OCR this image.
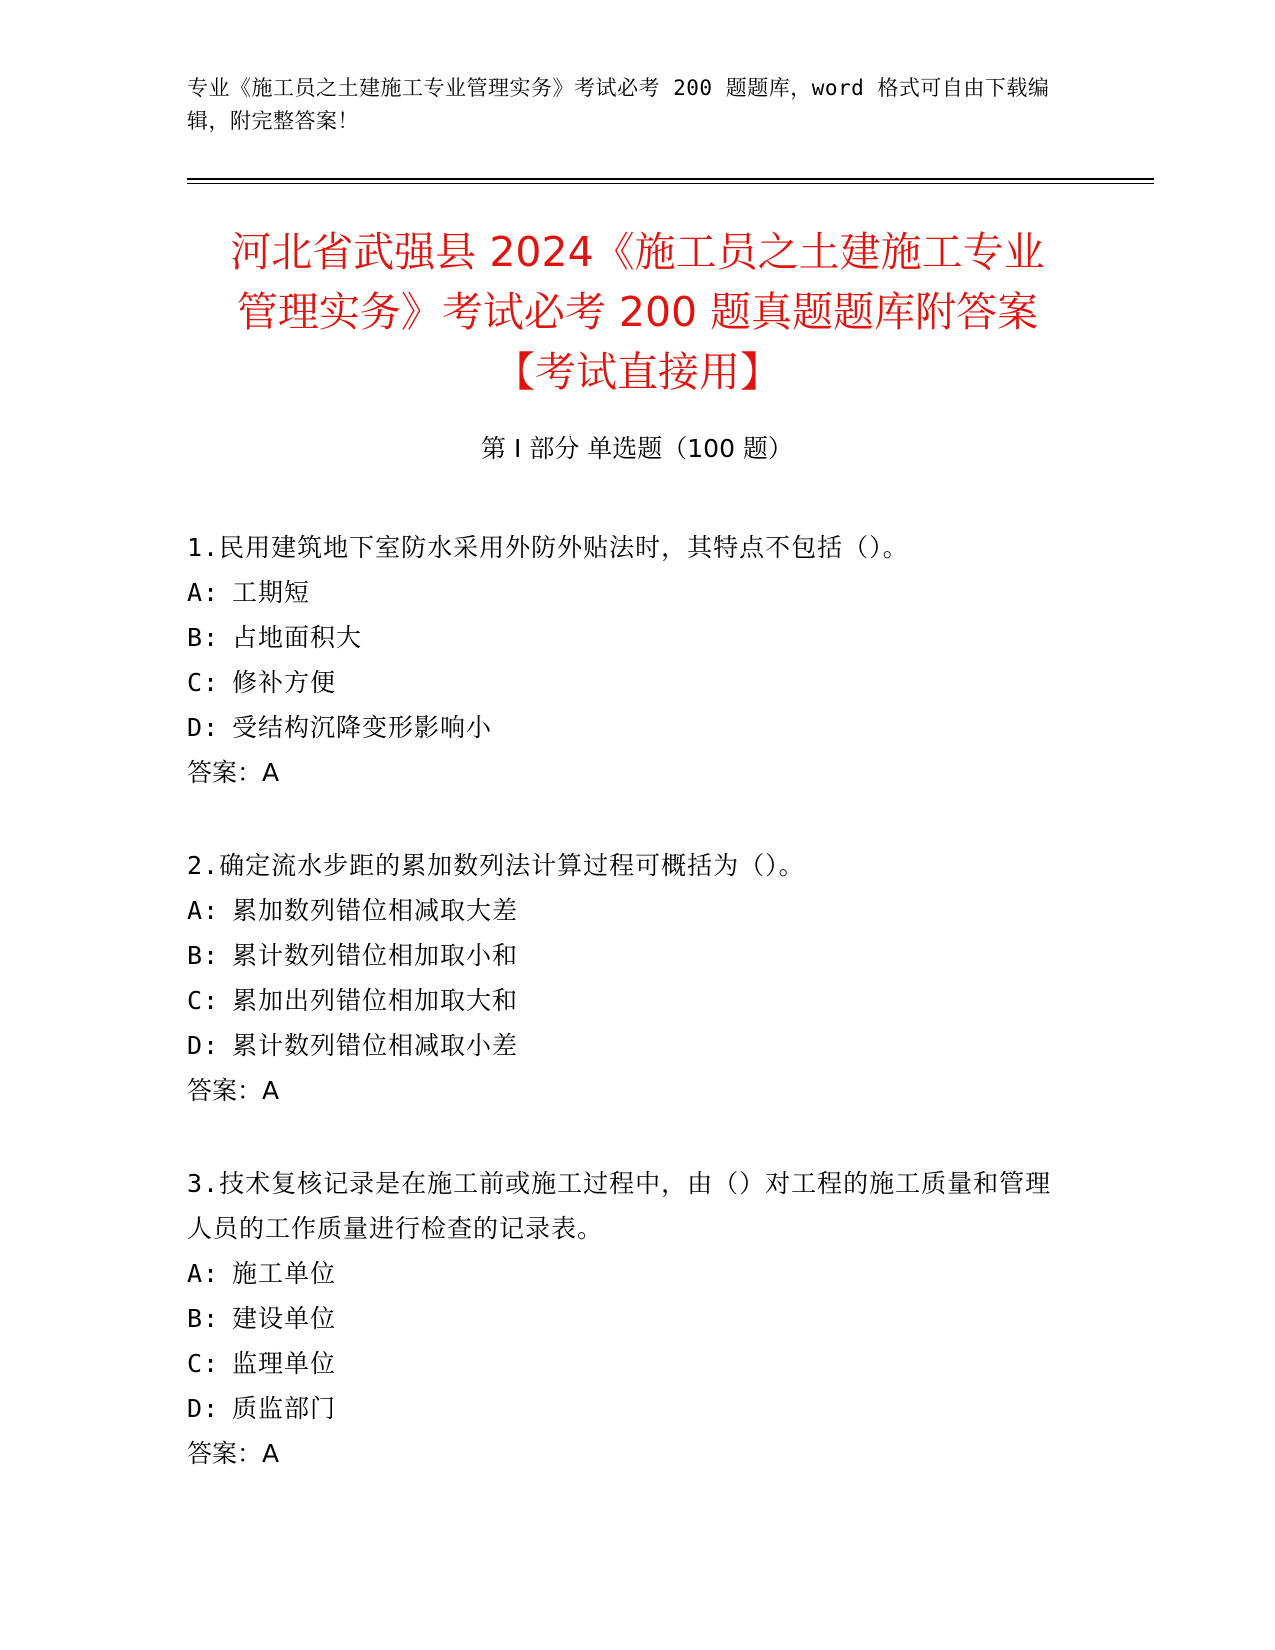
专业《施工员之土建施工专业管理实务》考试必考 200 题题库，word 格式可自由下载编辑，附完整答案！
河北省武强县 2024《施工员之土建施工专业
管理实务》考试必考 200 题真题题库附答案
【考试直接用】
第 I 部分 单选题（100 题）
1.民用建筑地下室防水采用外防外贴法时，其特点不包括（）。
A: 工期短
B: 占地面积大
C: 修补方便
D: 受结构沉降变形影响小
答案：A
2.确定流水步距的累加数列法计算过程可概括为（）。
A: 累加数列错位相减取大差
B: 累计数列错位相加取小和
C: 累加出列错位相加取大和
D: 累计数列错位相减取小差
答案：A
3.技术复核记录是在施工前或施工过程中，由（）对工程的施工质量和管理人员的工作质量进行检查的记录表。
A: 施工单位
B: 建设单位
C: 监理单位
D: 质监部门
答案：A
